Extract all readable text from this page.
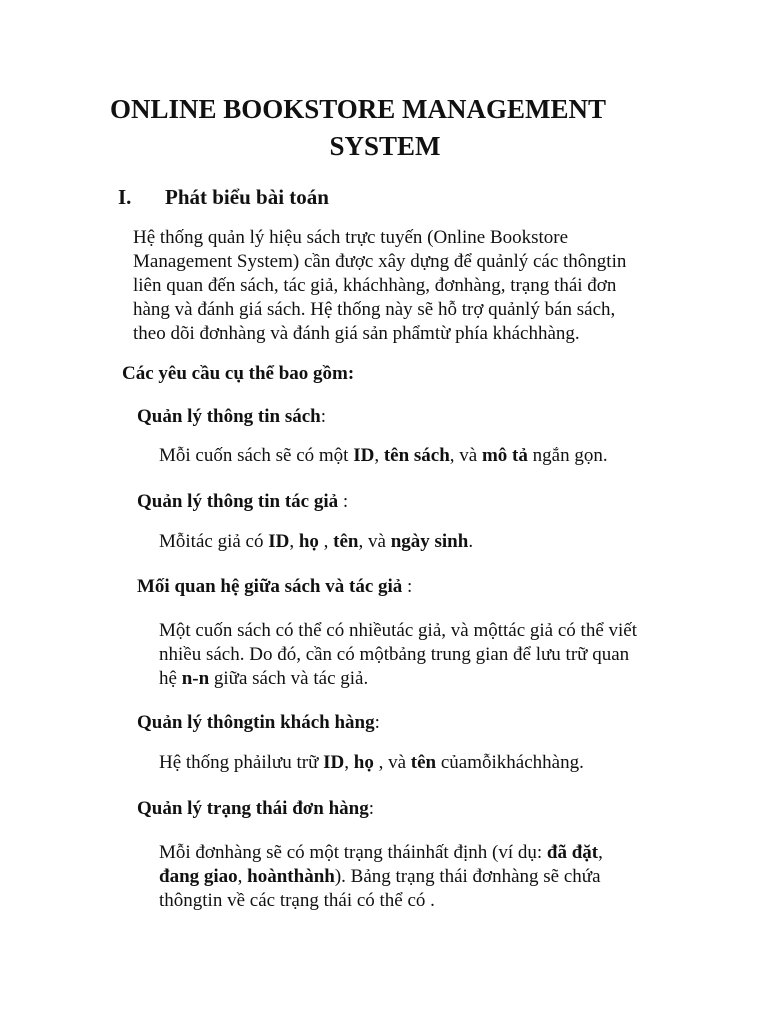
ONLINE BOOKSTORE MANAGEMENT
SYSTEM
I. Phát biểu bài toán
Hệ thống quản lý hiệu sách trực tuyến (Online Bookstore
Management System) cần được xây dựng để quảnlý các thôngtin
liên quan đến sách, tác giả, kháchhàng, đơnhàng, trạng thái đơn
hàng và đánh giá sách. Hệ thống này sẽ hỗ trợ quảnlý bán sách,
theo dõi đơnhàng và đánh giá sản phẩmtừ phía kháchhàng.
Các yêu cầu cụ thể bao gồm:
Quản lý thông tin sách:
Mỗi cuốn sách sẽ có một ID, tên sách, và mô tả ngắn gọn.
Quản lý thông tin tác giả :
Mỗitác giả có ID, họ , tên, và ngày sinh.
Mối quan hệ giữa sách và tác giả :
Một cuốn sách có thể có nhiềutác giả, và mộttác giả có thể viết
nhiều sách. Do đó, cần có mộtbảng trung gian để lưu trữ quan
hệ n-n giữa sách và tác giả.
Quản lý thôngtin khách hàng:
Hệ thống phảilưu trữ ID, họ , và tên củamỗikháchhàng.
Quản lý trạng thái đơn hàng:
Mỗi đơnhàng sẽ có một trạng tháinhất định (ví dụ: đã đặt,
đang giao, hoànthành). Bảng trạng thái đơnhàng sẽ chứa
thôngtin về các trạng thái có thể có .
